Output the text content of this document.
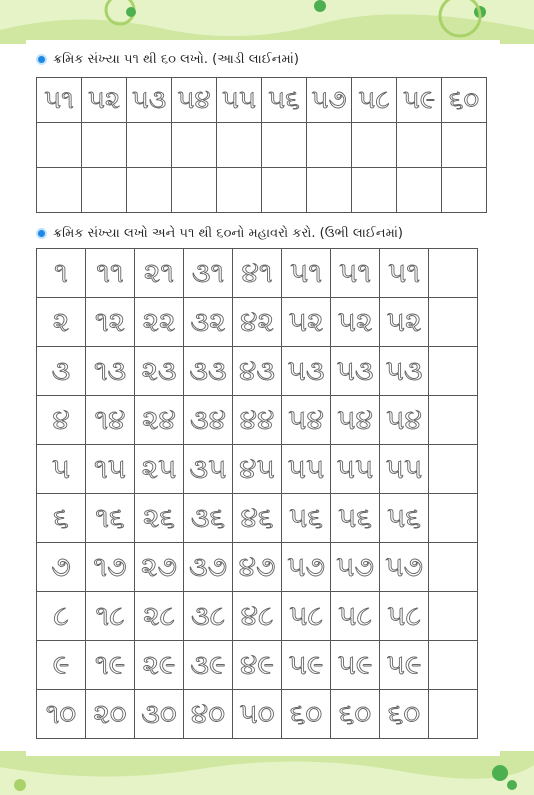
ક્રમિક સંખ્યા ૫૧ થી ૬૦ લખો. (આડી લાઈનમાં)
૫૧	૫૨	૫૩	૫૪	૫૫	૫૬	૫૭	૫૮	૫૯	૬૦

ક્રમિક સંખ્યા લખો અને ૫૧ થી ૬૦નો મહાવરો કરો. (ઉભી લાઈનમાં)
૧	૧૧	૨૧	૩૧	૪૧	૫૧	૫૧	૫૧	
૨	૧૨	૨૨	૩૨	૪૨	૫૨	૫૨	૫૨	
૩	૧૩	૨૩	૩૩	૪૩	૫૩	૫૩	૫૩	
૪	૧૪	૨૪	૩૪	૪૪	૫૪	૫૪	૫૪	
૫	૧૫	૨૫	૩૫	૪૫	૫૫	૫૫	૫૫	
૬	૧૬	૨૬	૩૬	૪૬	૫૬	૫૬	૫૬	
૭	૧૭	૨૭	૩૭	૪૭	૫૭	૫૭	૫૭	
૮	૧૮	૨૮	૩૮	૪૮	૫૮	૫૮	૫૮	
૯	૧૯	૨૯	૩૯	૪૯	૫૯	૫૯	૫૯	
૧૦	૨૦	૩૦	૪૦	૫૦	૬૦	૬૦	૬૦	
